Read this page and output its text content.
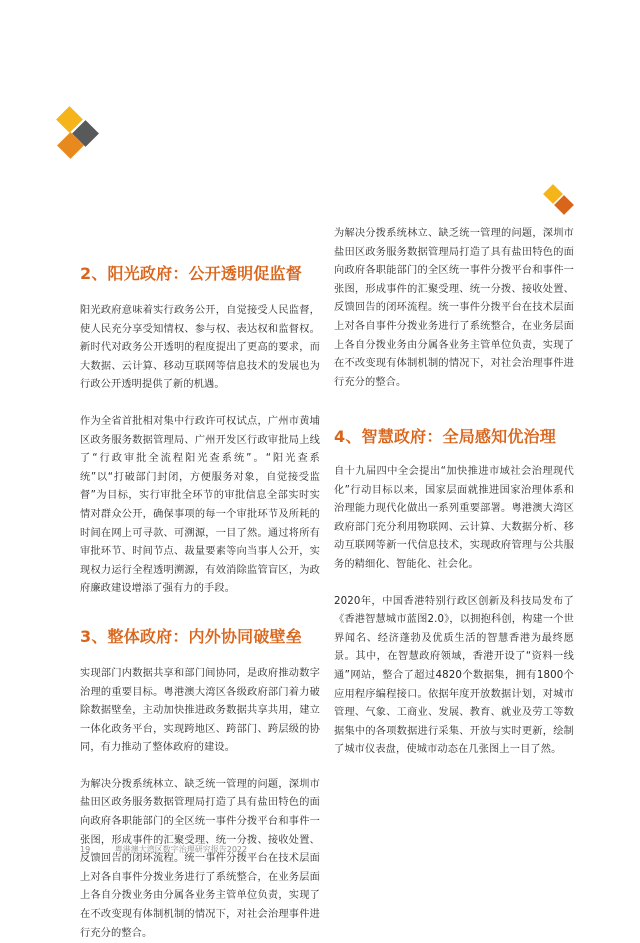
2、阳光政府：公开透明促监督

阳光政府意味着实行政务公开，自觉接受人民监督，使人民充分享受知情权、参与权、表达权和监督权。新时代对政务公开透明的程度提出了更高的要求，而大数据、云计算、移动互联网等信息技术的发展也为行政公开透明提供了新的机遇。

作为全省首批相对集中行政许可权试点，广州市黄埔区政务服务数据管理局、广州开发区行政审批局上线了“行政审批全流程阳光查系统”。“阳光查系统”以“打破部门封闭，方便服务对象，自觉接受监督”为目标，实行审批全环节的审批信息全部实时实情对群众公开，确保事项的每一个审批环节及所耗的时间在网上可寻款、可溯源，一目了然。通过将所有审批环节、时间节点、裁量要素等向当事人公开，实现权力运行全程透明溯源，有效消除监管盲区，为政府廉政建设增添了强有力的手段。

3、整体政府：内外协同破壁垒

实现部门内数据共享和部门间协同，是政府推动数字治理的重要目标。粤港澳大湾区各级政府部门着力破除数据壁垒，主动加快推进政务数据共享共用，建立一体化政务平台，实现跨地区、跨部门、跨层级的协同，有力推动了整体政府的建设。

为解决分拨系统林立、缺乏统一管理的问题，深圳市盐田区政务服务数据管理局打造了具有盐田特色的面向政府各职能部门的全区统一事件分拨平台和事件一张图，形成事件的汇聚受理、统一分拨、接收处置、反馈回告的闭环流程。统一事件分拨平台在技术层面上对各自事件分拨业务进行了系统整合，在业务层面上各自分拨业务由分属各业务主管单位负责，实现了在不改变现有体制机制的情况下，对社会治理事件进行充分的整合。

为解决分拨系统林立、缺乏统一管理的问题，深圳市盐田区政务服务数据管理局打造了具有盐田特色的面向政府各职能部门的全区统一事件分拨平台和事件一张图，形成事件的汇聚受理、统一分拨、接收处置、反馈回告的闭环流程。统一事件分拨平台在技术层面上对各自事件分拨业务进行了系统整合，在业务层面上各自分拨业务由分属各业务主管单位负责，实现了在不改变现有体制机制的情况下，对社会治理事件进行充分的整合。

4、智慧政府：全局感知优治理

自十九届四中全会提出“加快推进市域社会治理现代化”行动目标以来，国家层面就推进国家治理体系和治理能力现代化做出一系列重要部署。粤港澳大湾区政府部门充分利用物联网、云计算、大数据分析、移动互联网等新一代信息技术，实现政府管理与公共服务的精细化、智能化、社会化。

2020年，中国香港特别行政区创新及科技局发布了《香港智慧城市蓝图2.0》，以拥抱科创，构建一个世界闻名、经济蓬勃及优质生活的智慧香港为最终愿景。其中，在智慧政府领域，香港开设了“资料一线通”网站，整合了超过4820个数据集，拥有1800个应用程序编程接口。依据年度开放数据计划，对城市管理、气象、工商业、发展、教育、就业及劳工等数据集中的各项数据进行采集、开放与实时更新，绘制了城市仪表盘，使城市动态在几张图上一目了然。

19	粤港澳大湾区数字治理研究报告2022
